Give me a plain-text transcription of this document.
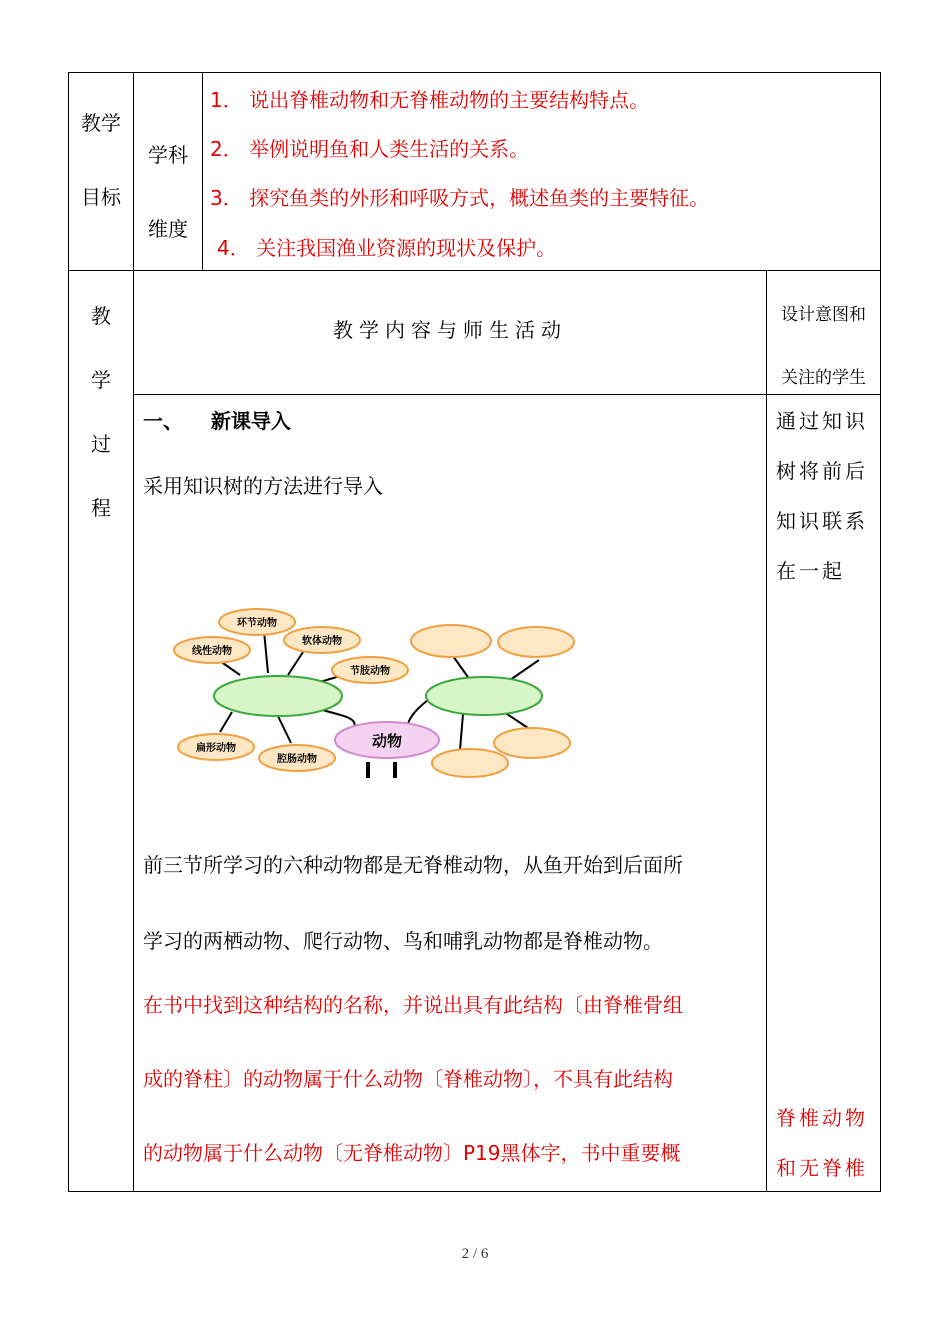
教学
目标
学科
维度
1． 说出脊椎动物和无脊椎动物的主要结构特点。
2． 举例说明鱼和人类生活的关系。
3． 探究鱼类的外形和呼吸方式，概述鱼类的主要特征。
4． 关注我国渔业资源的现状及保护。
教
学
过
程
教学内容与师生活动
设计意图和
关注的学生
一、    新课导入
采用知识树的方法进行导入
环节动物
线性动物
软体动物
节肢动物
扁形动物
腔肠动物
动物
前三节所学习的六种动物都是无脊椎动物，从鱼开始到后面所
学习的两栖动物、爬行动物、鸟和哺乳动物都是脊椎动物。
在书中找到这种结构的名称，并说出具有此结构〔由脊椎骨组
成的脊柱〕的动物属于什么动物〔脊椎动物〕，不具有此结构
的动物属于什么动物〔无脊椎动物〕P19黑体字，书中重要概
通过知识
树将前后
知识联系
在一起
脊椎动物
和无脊椎
2 / 6
